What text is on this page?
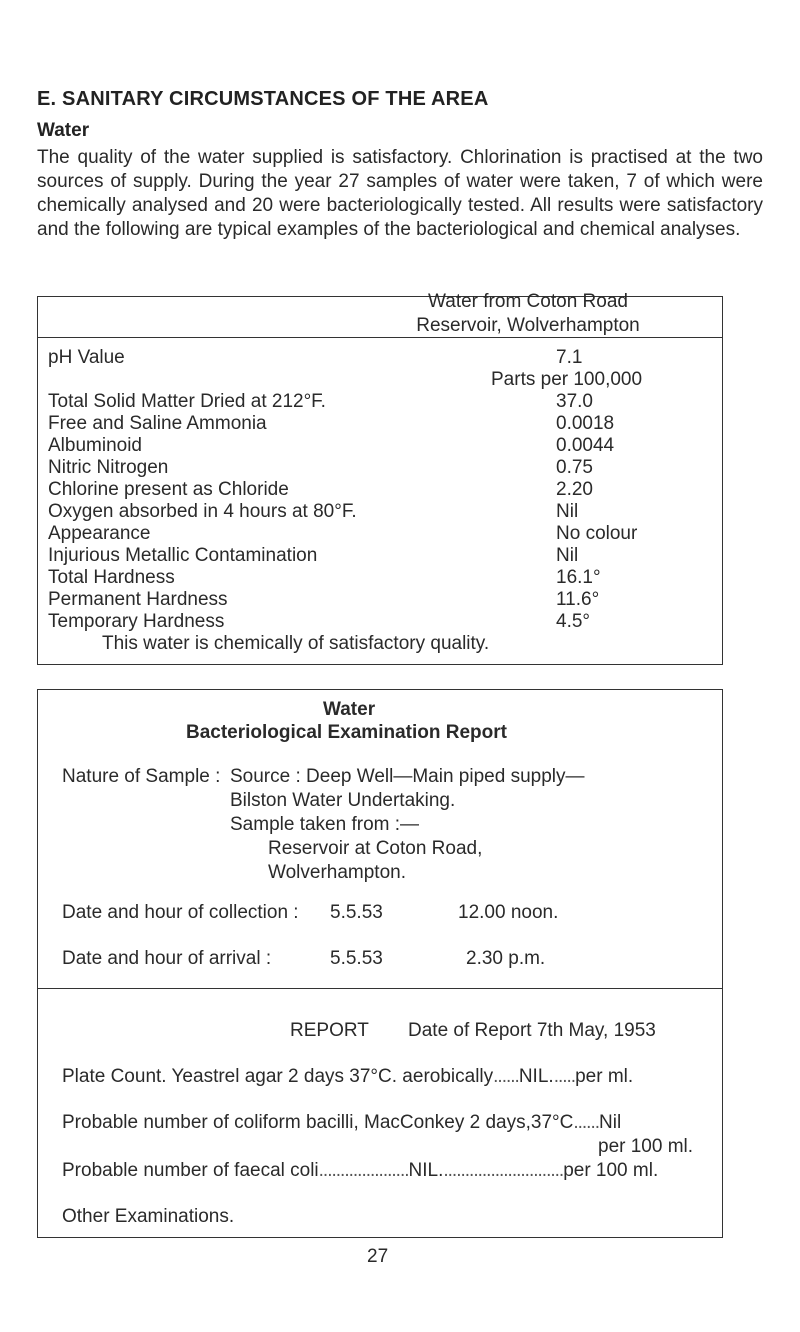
E. SANITARY CIRCUMSTANCES OF THE AREA
Water
The quality of the water supplied is satisfactory. Chlorination is practised at the two sources of supply. During the year 27 samples of water were taken, 7 of which were chemically analysed and 20 were bacteriologically tested. All results were satisfactory and the following are typical examples of the bacteriological and chemical analyses.
Water from Coton Road
Reservoir, Wolverhampton
pH Value	7.1
Parts per 100,000
Total Solid Matter Dried at 212°F.	37.0
Free and Saline Ammonia	0.0018
Albuminoid	0.0044
Nitric Nitrogen	0.75
Chlorine present as Chloride	2.20
Oxygen absorbed in 4 hours at 80°F.	Nil
Appearance	No colour
Injurious Metallic Contamination	Nil
Total Hardness	16.1°
Permanent Hardness	11.6°
Temporary Hardness	4.5°
This water is chemically of satisfactory quality.
Water
Bacteriological Examination Report
Nature of Sample : Source : Deep Well—Main piped supply—
Bilston Water Undertaking.
Sample taken from :—
Reservoir at Coton Road,
Wolverhampton.
Date and hour of collection : 5.5.53	12.00 noon.
Date and hour of arrival :	5.5.53	2.30 p.m.
REPORT Date of Report 7th May, 1953
Plate Count. Yeastrel agar 2 days 37°C. aerobically......NIL......per ml.
Probable number of coliform bacilli, MacConkey 2 days,37°C......Nil
per 100 ml.
Probable number of faecal coli.....................NIL.............................per 100 ml.
Other Examinations.
27
